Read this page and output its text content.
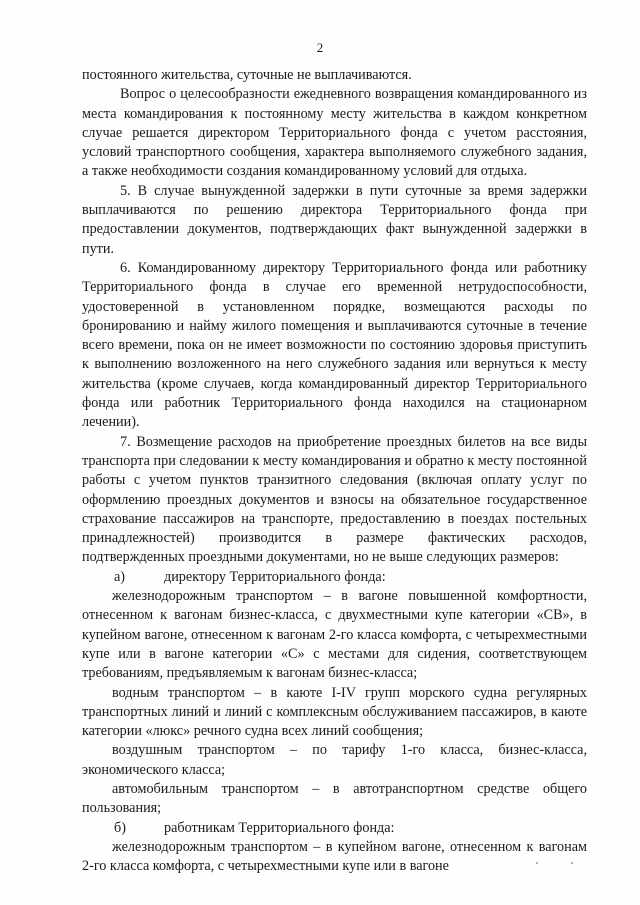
2

постоянного жительства, суточные не выплачиваются.

Вопрос о целесообразности ежедневного возвращения командированного из места командирования к постоянному месту жительства в каждом конкретном случае решается директором Территориального фонда с учетом расстояния, условий транспортного сообщения, характера выполняемого служебного задания, а также необходимости создания командированному условий для отдыха.

5. В случае вынужденной задержки в пути суточные за время задержки выплачиваются по решению директора Территориального фонда при предоставлении документов, подтверждающих факт вынужденной задержки в пути.

6. Командированному директору Территориального фонда или работнику Территориального фонда в случае его временной нетрудоспособности, удостоверенной в установленном порядке, возмещаются расходы по бронированию и найму жилого помещения и выплачиваются суточные в течение всего времени, пока он не имеет возможности по состоянию здоровья приступить к выполнению возложенного на него служебного задания или вернуться к месту жительства (кроме случаев, когда командированный директор Территориального фонда или работник Территориального фонда находился на стационарном лечении).

7. Возмещение расходов на приобретение проездных билетов на все виды транспорта при следовании к месту командирования и обратно к месту постоянной работы с учетом пунктов транзитного следования (включая оплату услуг по оформлению проездных документов и взносы на обязательное государственное страхование пассажиров на транспорте, предоставлению в поездах постельных принадлежностей) производится в размере фактических расходов, подтвержденных проездными документами, но не выше следующих размеров:

а)	директору Территориального фонда:

железнодорожным транспортом – в вагоне повышенной комфортности, отнесенном к вагонам бизнес-класса, с двухместными купе категории «СВ», в купейном вагоне, отнесенном к вагонам 2-го класса комфорта, с четырехместными купе или в вагоне категории «С» с местами для сидения, соответствующем требованиям, предъявляемым к вагонам бизнес-класса;

водным транспортом – в каюте I-IV групп морского судна регулярных транспортных линий и линий с комплексным обслуживанием пассажиров, в каюте категории «люкс» речного судна всех линий сообщения;

воздушным транспортом – по тарифу 1-го класса, бизнес-класса, экономического класса;

автомобильным транспортом – в автотранспортном средстве общего пользования;

б)	работникам Территориального фонда:

железнодорожным транспортом – в купейном вагоне, отнесенном к вагонам 2-го класса комфорта, с четырехместными купе или в вагоне
